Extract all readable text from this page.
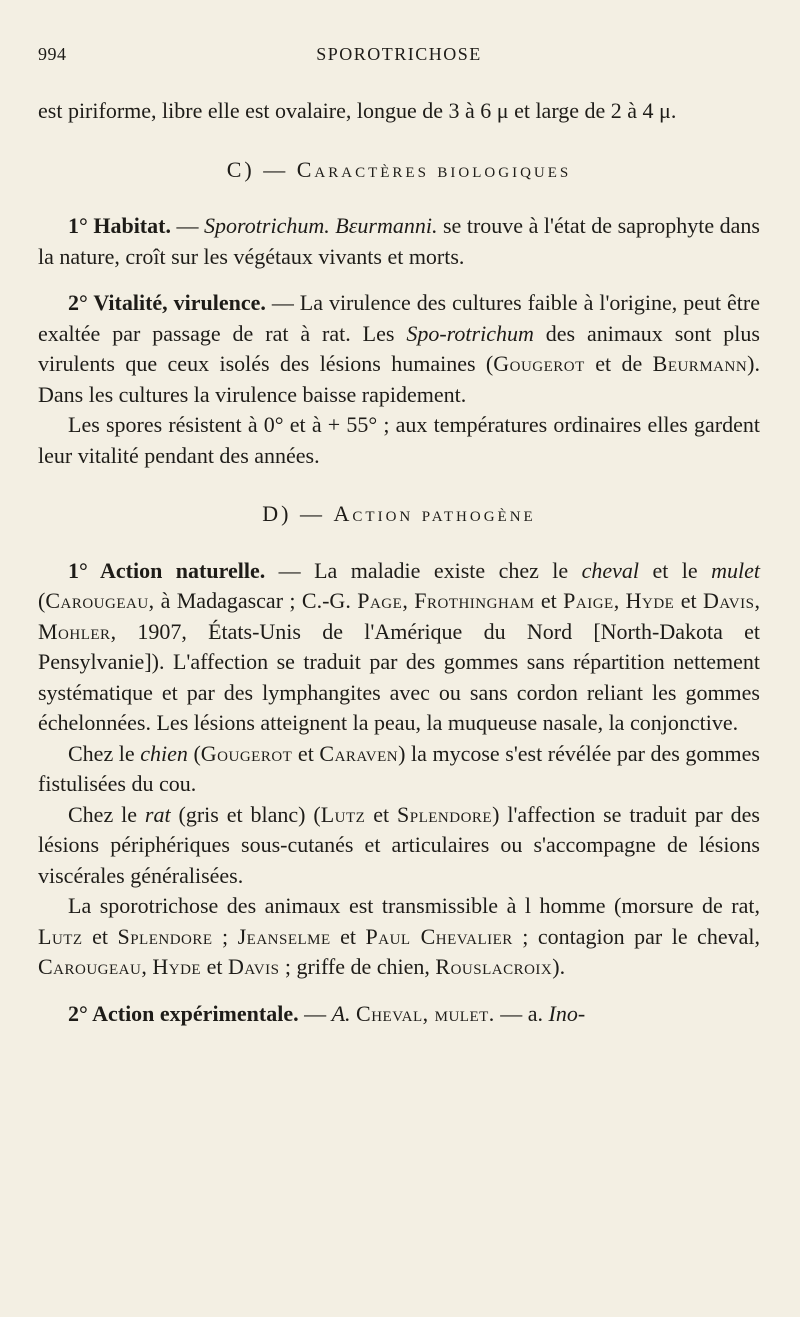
994	SPOROTRICHOSE

est piriforme, libre elle est ovalaire, longue de 3 à 6 μ et large de 2 à 4 μ.

C) — Caractères biologiques

1° Habitat. — Sporotrichum. Bεurmanni. se trouve à l'état de saprophyte dans la nature, croît sur les végétaux vivants et morts.

2° Vitalité, virulence. — La virulence des cultures faible à l'origine, peut être exaltée par passage de rat à rat. Les Spo-rotrichum des animaux sont plus virulents que ceux isolés des lésions humaines (Gougerot et de Beurmann). Dans les cultures la virulence baisse rapidement.

Les spores résistent à 0° et à + 55° ; aux températures ordinaires elles gardent leur vitalité pendant des années.

D) — Action pathogène

1° Action naturelle. — La maladie existe chez le cheval et le mulet (Carougeau, à Madagascar ; C.-G. Page, Frothingham et Paige, Hyde et Davis, Mohler, 1907, États-Unis de l'Amérique du Nord [North-Dakota et Pensylvanie]). L'affection se traduit par des gommes sans répartition nettement systématique et par des lymphangites avec ou sans cordon reliant les gommes échelonnées. Les lésions atteignent la peau, la muqueuse nasale, la conjonctive.

Chez le chien (Gougerot et Caraven) la mycose s'est révélée par des gommes fistulisées du cou.

Chez le rat (gris et blanc) (Lutz et Splendore) l'affection se traduit par des lésions périphériques sous-cutanés et articulaires ou s'accompagne de lésions viscérales généralisées.

La sporotrichose des animaux est transmissible à l homme (morsure de rat, Lutz et Splendore ; Jeanselme et Paul Chevalier ; contagion par le cheval, Carougeau, Hyde et Davis ; griffe de chien, Rouslacroix).

2° Action expérimentale. — A. Cheval, mulet. — a. Ino-
